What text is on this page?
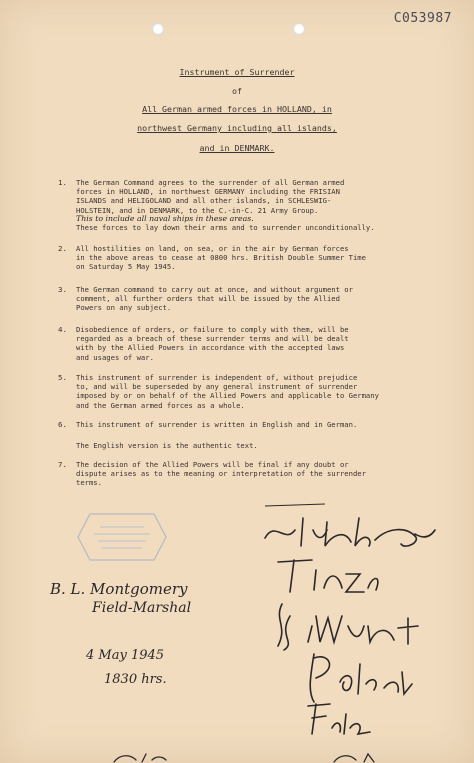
C053987
Instrument of Surrender
of
All German armed forces in HOLLAND, in
northwest Germany including all islands,
and in DENMARK.
1. The German Command agrees to the surrender of all German armed
forces in HOLLAND, in northwest GERMANY including the FRISIAN
ISLANDS and HELIGOLAND and all other islands, in SCHLESWIG-
HOLSTEIN, and in DENMARK, to the C.-in-C. 21 Army Group.
This to include all naval ships in these areas.
These forces to lay down their arms and to surrender unconditionally.
2. All hostilities on land, on sea, or in the air by German forces
in the above areas to cease at 0800 hrs. British Double Summer Time
on Saturday 5 May 1945.
3. The German command to carry out at once, and without argument or
comment, all further orders that will be issued by the Allied
Powers on any subject.
4. Disobedience of orders, or failure to comply with them, will be
regarded as a breach of these surrender terms and will be dealt
with by the Allied Powers in accordance with the accepted laws
and usages of war.
5. This instrument of surrender is independent of, without prejudice
to, and will be superseded by any general instrument of surrender
imposed by or on behalf of the Allied Powers and applicable to Germany
and the German armed forces as a whole.
6. This instrument of surrender is written in English and in German.
The English version is the authentic text.
7. The decision of the Allied Powers will be final if any doubt or
dispute arises as to the meaning or interpretation of the surrender
terms.
B. L. Montgomery
Field-Marshal
4 May 1945
1830 hrs.
